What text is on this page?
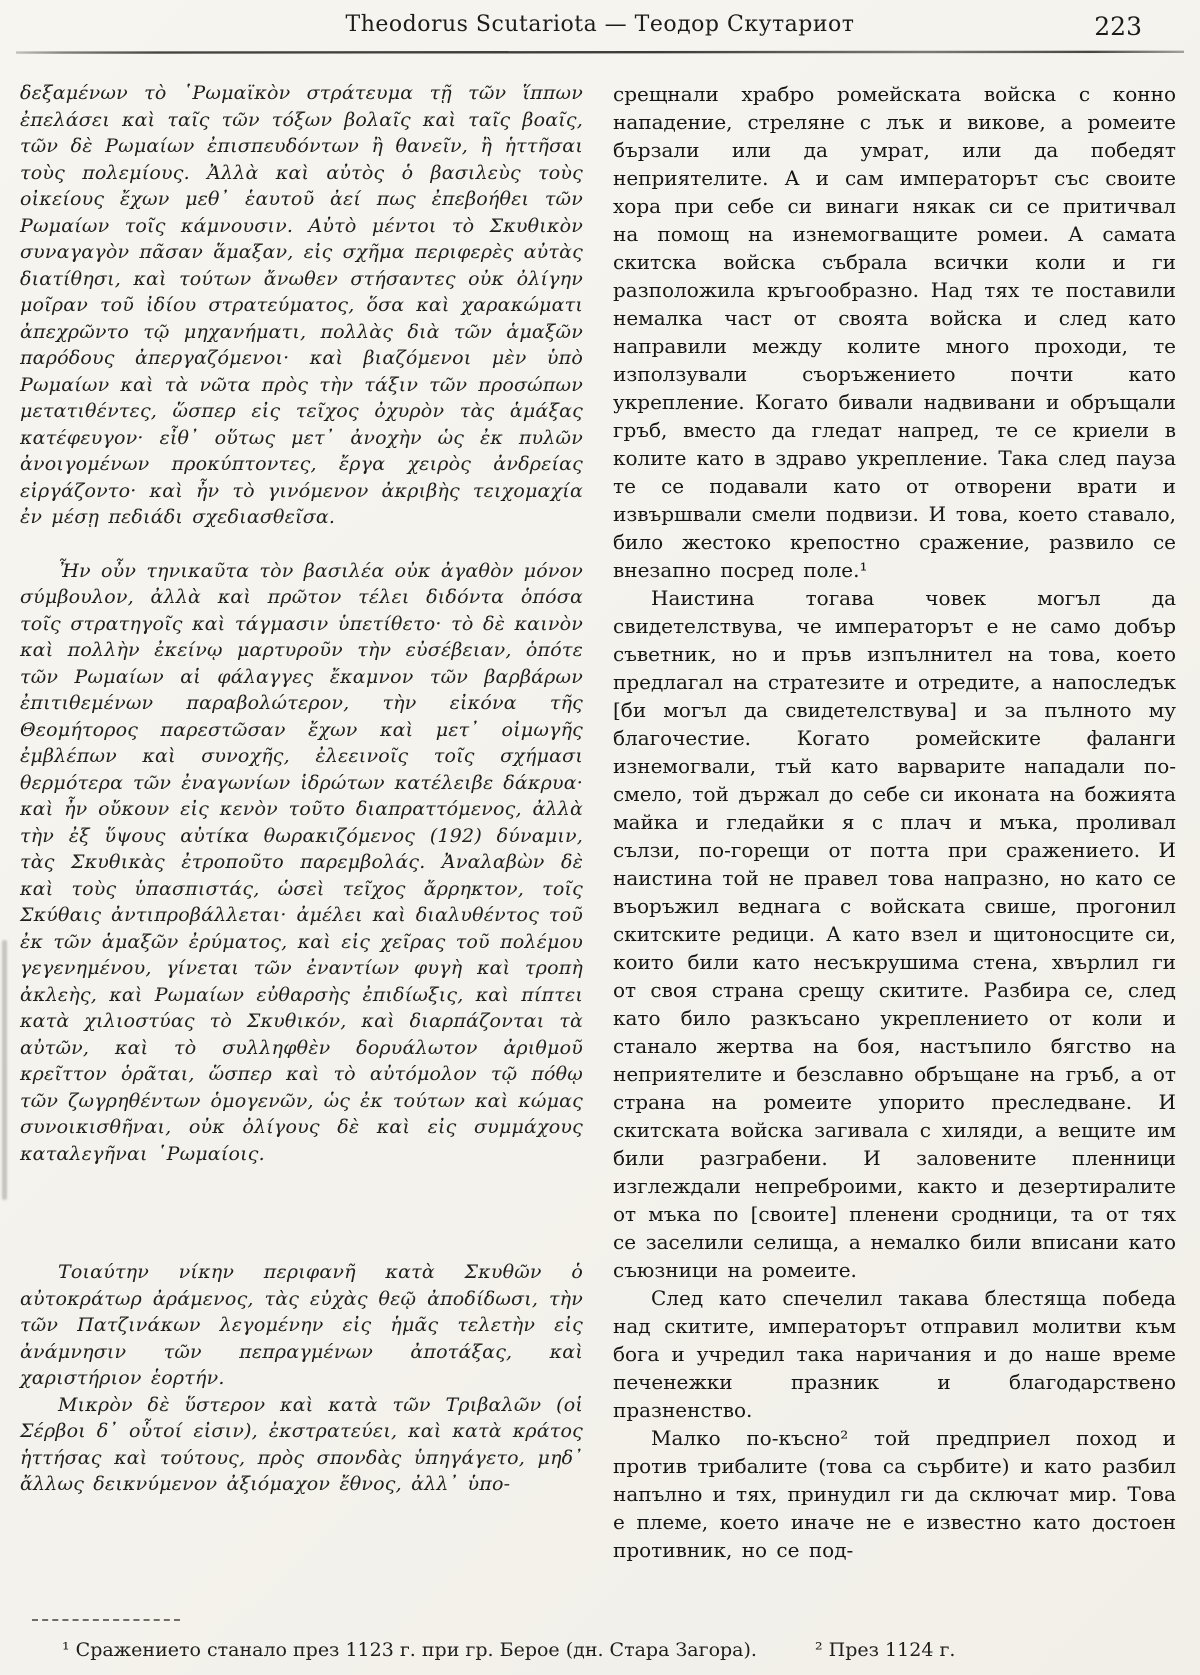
Theodorus Scutariota — Теодор Скутариот	223

δεξαμένων τὸ ῾Ρωμαϊκὸν στράτευμα τῇ τῶν ἵππων ἐπελάσει καὶ ταῖς τῶν τόξων βολαῖς καὶ ταῖς βοαῖς, τῶν δὲ Ρωμαίων ἐπισπευδόντων ἢ θανεῖν, ἢ ἡττῆσαι τοὺς πολεμίους. Ἀλλὰ καὶ αὐτὸς ὁ βασιλεὺς τοὺς οἰκείους ἔχων μεθ᾽ ἑαυτοῦ ἀεί πως ἐπεβοήθει τῶν Ρωμαίων τοῖς κάμνουσιν. Αὐτὸ μέντοι τὸ Σκυθικὸν συναγαγὸν πᾶσαν ἅμαξαν, εἰς σχῆμα περιφερὲς αὐτὰς διατίθησι, καὶ τούτων ἄνωθεν στήσαντες οὐκ ὀλίγην μοῖραν τοῦ ἰδίου στρατεύματος, ὅσα καὶ χαρακώματι ἀπεχρῶντο τῷ μηχανήματι, πολλὰς διὰ τῶν ἁμαξῶν παρόδους ἀπεργαζόμενοι· καὶ βιαζόμενοι μὲν ὑπὸ Ρωμαίων καὶ τὰ νῶτα πρὸς τὴν τάξιν τῶν προσώπων μετατιθέντες, ὥσπερ εἰς τεῖχος ὀχυρὸν τὰς ἁμάξας κατέφευγον· εἶθ᾽ οὕτως μετ᾽ ἀνοχὴν ὡς ἐκ πυλῶν ἀνοιγομένων προκύπτοντες, ἔργα χειρὸς ἀνδρείας εἰργάζοντο· καὶ ἦν τὸ γινόμενον ἀκριβὴς τειχομαχία ἐν μέσῃ πεδιάδι σχεδιασθεῖσα.

Ἦν οὖν τηνικαῦτα τὸν βασιλέα οὐκ ἀγαθὸν μόνον σύμβουλον, ἀλλὰ καὶ πρῶτον τέλει διδόντα ὁπόσα τοῖς στρατηγοῖς καὶ τάγμασιν ὑπετίθετο· τὸ δὲ καινὸν καὶ πολλὴν ἐκείνῳ μαρτυροῦν τὴν εὐσέβειαν, ὁπότε τῶν Ρωμαίων αἱ φάλαγγες ἔκαμνον τῶν βαρβάρων ἐπιτιθεμένων παραβολώτερον, τὴν εἰκόνα τῆς Θεομήτορος παρεστῶσαν ἔχων καὶ μετ᾽ οἰμωγῆς ἐμβλέπων καὶ συνοχῆς, ἐλεεινοῖς τοῖς σχήμασι θερμότερα τῶν ἐναγωνίων ἱδρώτων κατέλειβε δάκρυα· καὶ ἦν οὔκουν εἰς κενὸν τοῦτο διαπραττόμενος, ἀλλὰ τὴν ἐξ ὕψους αὐτίκα θωρακιζόμενος (192) δύναμιν, τὰς Σκυθικὰς ἐτροποῦτο παρεμβολάς. Ἀναλαβὼν δὲ καὶ τοὺς ὑπασπιστάς, ὡσεὶ τεῖχος ἄρρηκτον, τοῖς Σκύθαις ἀντιπροβάλλεται· ἀμέλει καὶ διαλυθέντος τοῦ ἐκ τῶν ἁμαξῶν ἐρύματος, καὶ εἰς χεῖρας τοῦ πολέμου γεγενημένου, γίνεται τῶν ἐναντίων φυγὴ καὶ τροπὴ ἀκλεὴς, καὶ Ρωμαίων εὐθαρσὴς ἐπιδίωξις, καὶ πίπτει κατὰ χιλιοστύας τὸ Σκυθικόν, καὶ διαρπάζονται τὰ αὐτῶν, καὶ τὸ συλληφθὲν δορυάλωτον ἀριθμοῦ κρεῖττον ὁρᾶται, ὥσπερ καὶ τὸ αὐτόμολον τῷ πόθῳ τῶν ζωγρηθέντων ὁμογενῶν, ὡς ἐκ τούτων καὶ κώμας συνοικισθῆναι, οὐκ ὀλίγους δὲ καὶ εἰς συμμάχους καταλεγῆναι ῾Ρωμαίοις.

Τοιαύτην νίκην περιφανῆ κατὰ Σκυθῶν ὁ αὐτοκράτωρ ἀράμενος, τὰς εὐχὰς θεῷ ἀποδίδωσι, τὴν τῶν Πατζινάκων λεγομένην εἰς ἡμᾶς τελετὴν εἰς ἀνάμνησιν τῶν πεπραγμένων ἀποτάξας, καὶ χαριστήριον ἑορτήν.

Μικρὸν δὲ ὕστερον καὶ κατὰ τῶν Τριβαλῶν (οἱ Σέρβοι δ᾽ οὗτοί εἰσιν), ἐκστρατεύει, καὶ κατὰ κράτος ἡττήσας καὶ τούτους, πρὸς σπονδὰς ὑπηγάγετο, μηδ᾽ ἄλλως δεικνύμενον ἀξιόμαχον ἔθνος, ἀλλ᾽ ὑπο-

срещнали храбро ромейската войска с конно нападение, стреляне с лък и викове, а ромеите бързали или да умрат, или да победят неприятелите. А и сам императорът със своите хора при себе си винаги някак си се притичвал на помощ на изнемогващите ромеи. А самата скитска войска събрала всички коли и ги разположила кръгообразно. Над тях те поставили немалка част от своята войска и след като направили между колите много проходи, те използували съоръжението почти като укрепление. Когато бивали надвивани и обръщали гръб, вместо да гледат напред, те се криели в колите като в здраво укрепление. Така след пауза те се подавали като от отворени врати и извършвали смели подвизи. И това, което ставало, било жестоко крепостно сражение, развило се внезапно посред поле.¹

Наистина тогава човек могъл да свидетелствува, че императорът е не само добър съветник, но и пръв изпълнител на това, което предлагал на стратезите и отредите, а напоследък [би могъл да свидетелствува] и за пълното му благочестие. Когато ромейските фаланги изнемогвали, тъй като варварите нападали по-смело, той държал до себе си иконата на божията майка и гледайки я с плач и мъка, проливал сълзи, по-горещи от потта при сражението. И наистина той не правел това напразно, но като се въоръжил веднага с войската свише, прогонил скитските редици. А като взел и щитоносците си, които били като несъкрушима стена, хвърлил ги от своя страна срещу скитите. Разбира се, след като било разкъсано укреплението от коли и станало жертва на боя, настъпило бягство на неприятелите и безславно обръщане на гръб, а от страна на ромеите упорито преследване. И скитската войска загивала с хиляди, а вещите им били разграбени. И заловените пленници изглеждали непреброими, както и дезертиралите от мъка по [своите] пленени сродници, та от тях се заселили селища, а немалко били вписани като съюзници на ромеите.

След като спечелил такава блестяща победа над скитите, императорът отправил молитви към бога и учредил така наричания и до наше време печенежки празник и благодарствено празненство.

Малко по-късно² той предприел поход и против трибалите (това са сърбите) и като разбил напълно и тях, принудил ги да сключат мир. Това е племе, което иначе не е известно като достоен противник, но се под-

¹ Сражението станало през 1123 г. при гр. Берое (дн. Стара Загора).	² През 1124 г.
